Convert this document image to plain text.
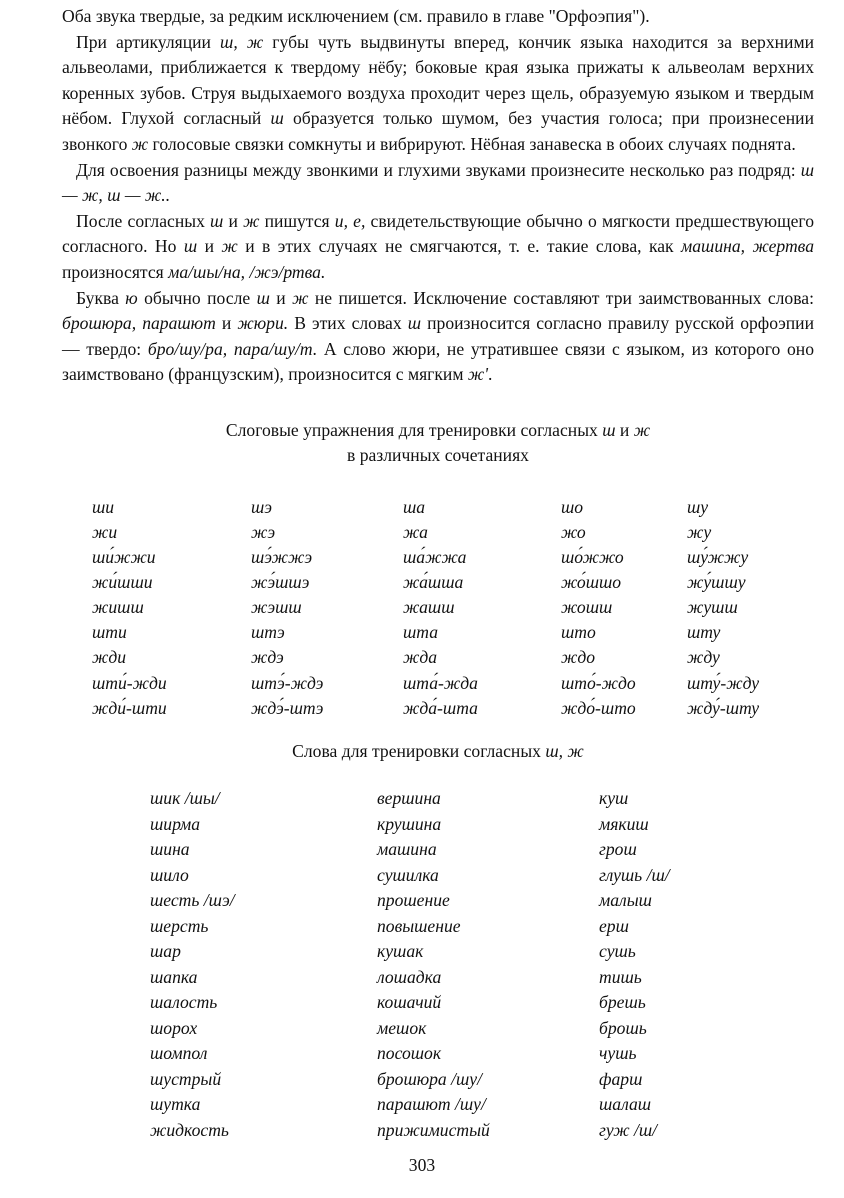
Оба звука твердые, за редким исключением (см. правило в главе "Орфоэпия").

При артикуляции ш, ж губы чуть выдвинуты вперед, кончик языка находится за верхними альвеолами, приближается к твердому нёбу; боковые края языка прижаты к альвеолам верхних коренных зубов. Струя выдыхаемого воздуха проходит через щель, образуемую языком и твердым нёбом. Глухой согласный ш образуется только шумом, без участия голоса; при произнесении звонкого ж голосовые связки сомкнуты и вибрируют. Нёбная занавеска в обоих случаях поднята.

Для освоения разницы между звонкими и глухими звуками произнесите несколько раз подряд: ш — ж, ш — ж..

После согласных ш и ж пишутся и, е, свидетельствующие обычно о мягкости предшествующего согласного. Но ш и ж и в этих случаях не смягчаются, т. е. такие слова, как машина, жертва произносятся ма/шы/на, /жэ/ртва.

Буква ю обычно после ш и ж не пишется. Исключение составляют три заимствованных слова: брошюра, парашют и жюри. В этих словах ш произносится согласно правилу русской орфоэпии — твердо: бро/шу/ра, пара/шу/т. А слово жюри, не утратившее связи с языком, из которого оно заимствовано (французским), произносится с мягким ж'.

Слоговые упражнения для тренировки согласных ш и ж
в различных сочетаниях

ши	шэ	ша	шо	шу
жи	жэ	жа	жо	жу
ши́жжи	шэ́жжэ	ша́жжа	шо́жжо	шу́жжу
жи́шши	жэ́шшэ	жа́шша	жо́шшо	жу́шшу
жишш	жэшш	жашш	жошш	жушш
шти	штэ	шта	што	шту
жди	ждэ	жда	ждо	жду
шти́-жди	штэ́-ждэ	шта́-жда	што́-ждо	шту́-жду
жди́-шти	ждэ́-штэ	жда́-шта	ждо́-што	жду́-шту

Слова для тренировки согласных ш, ж

шик /шы/	вершина	куш
ширма	крушина	мякиш
шина	машина	грош
шило	сушилка	глушь /ш/
шесть /шэ/	прошение	малыш
шерсть	повышение	ерш
шар	кушак	сушь
шапка	лошадка	тишь
шалость	кошачий	брешь
шорох	мешок	брошь
шомпол	посошок	чушь
шустрый	брошюра /шу/	фарш
шутка	парашют /шу/	шалаш
жидкость	прижимистый	гуж /ш/
303
